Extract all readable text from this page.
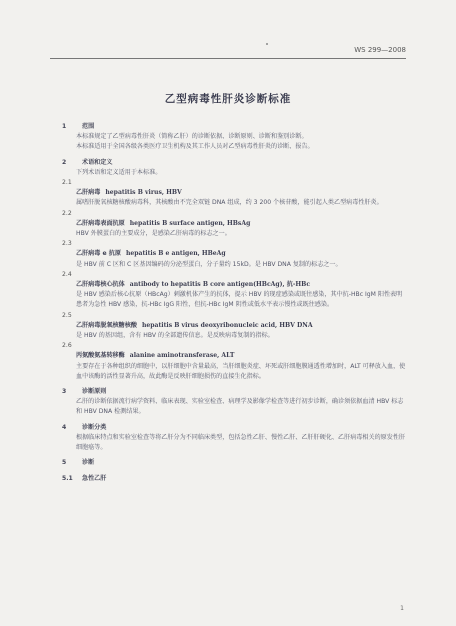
WS 299—2008
乙型病毒性肝炎诊断标准
1	范围
本标准规定了乙型病毒性肝炎（简称乙肝）的诊断依据、诊断原则、诊断和鉴别诊断。
本标准适用于全国各级各类医疗卫生机构及其工作人员对乙型病毒性肝炎的诊断、报告。
2	术语和定义
下列术语和定义适用于本标准。
2.1
乙肝病毒 hepatitis B virus, HBV
属嗜肝脱氧核糖核酸病毒科，其核酸由不完全双链 DNA 组成，约 3 200 个核苷酸，能引起人类乙型病毒性肝炎。
2.2
乙肝病毒表面抗原 hepatitis B surface antigen, HBsAg
HBV 外膜蛋白的主要成分，是感染乙肝病毒的标志之一。
2.3
乙肝病毒 e 抗原 hepatitis B e antigen, HBeAg
是 HBV 前 C 区和 C 区基因编码的分泌型蛋白，分子量约 15kD。是 HBV DNA 复制的标志之一。
2.4
乙肝病毒核心抗体 antibody to hepatitis B core antigen(HBcAg), 抗-HBc
是 HBV 感染后核心抗原（HBcAg）刺激机体产生的抗体，提示 HBV 的现症感染或既往感染，其中抗-HBc IgM 阳性表明患者为急性 HBV 感染，抗-HBc IgG 阳性，但抗-HBc IgM 阴性或低水平表示慢性或既往感染。
2.5
乙肝病毒脱氧核糖核酸 hepatitis B virus deoxyribonucleic acid, HBV DNA
是 HBV 的基因组，含有 HBV 的全部遗传信息。是反映病毒复制的指标。
2.6
丙氨酸氨基转移酶 alanine aminotransferase, ALT
主要存在于各种组织的细胞中，以肝细胞中含量最高，当肝细胞炎症、坏死或肝细胞膜通透性增加时，ALT 可释放入血，使血中该酶的活性显著升高，故此酶是反映肝细胞损伤的直接生化指标。
3	诊断原则
乙肝的诊断依据流行病学资料、临床表现、实验室检查、病理学及影像学检查等进行初步诊断，确诊须依据血清 HBV 标志和 HBV DNA 检测结果。
4	诊断分类
根据临床特点和实验室检查等将乙肝分为不同临床类型，包括急性乙肝、慢性乙肝、乙肝肝硬化、乙肝病毒相关的原发性肝细胞癌等。
5	诊断
5.1 急性乙肝
1
